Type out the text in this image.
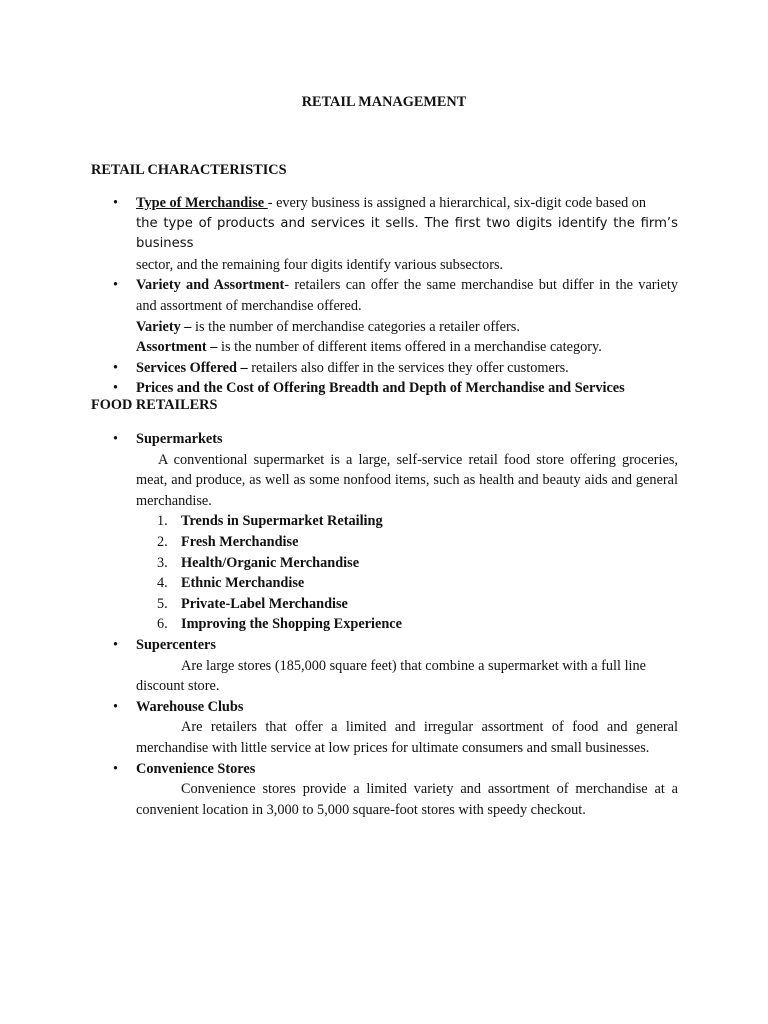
RETAIL MANAGEMENT
RETAIL CHARACTERISTICS
• Type of Merchandise - every business is assigned a hierarchical, six-digit code based on
the type of products and services it sells. The first two digits identify the firm’s business
sector, and the remaining four digits identify various subsectors.
• Variety and Assortment- retailers can offer the same merchandise but differ in the variety and assortment of merchandise offered.
Variety – is the number of merchandise categories a retailer offers.
Assortment – is the number of different items offered in a merchandise category.
• Services Offered – retailers also differ in the services they offer customers.
• Prices and the Cost of Offering Breadth and Depth of Merchandise and Services
FOOD RETAILERS
• Supermarkets
A conventional supermarket is a large, self-service retail food store offering groceries, meat, and produce, as well as some nonfood items, such as health and beauty aids and general merchandise.
1. Trends in Supermarket Retailing
2. Fresh Merchandise
3. Health/Organic Merchandise
4. Ethnic Merchandise
5. Private-Label Merchandise
6. Improving the Shopping Experience
• Supercenters
Are large stores (185,000 square feet) that combine a supermarket with a full line discount store.
• Warehouse Clubs
Are retailers that offer a limited and irregular assortment of food and general merchandise with little service at low prices for ultimate consumers and small businesses.
• Convenience Stores
Convenience stores provide a limited variety and assortment of merchandise at a convenient location in 3,000 to 5,000 square-foot stores with speedy checkout.
